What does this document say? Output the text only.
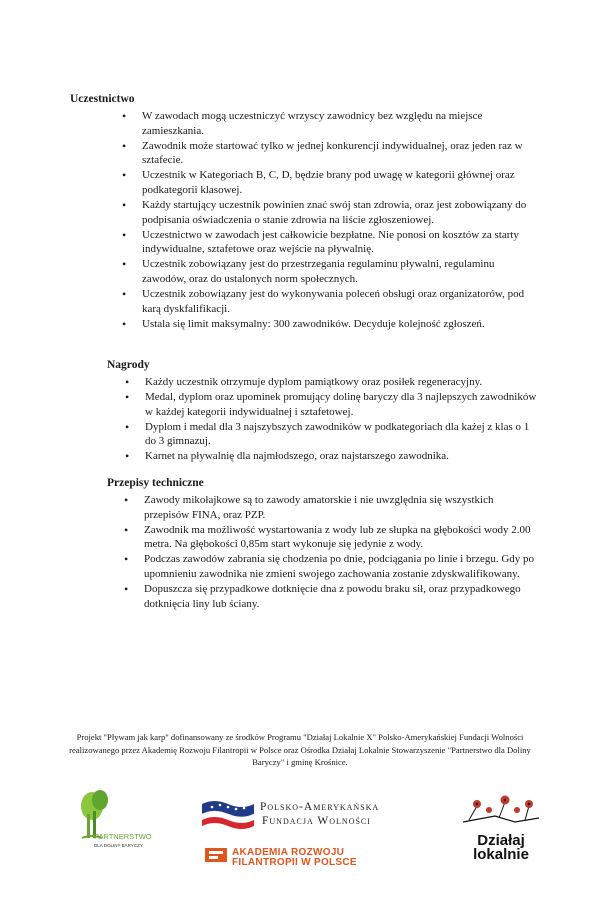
Uczestnictwo
• W zawodach mogą uczestniczyć wrzyscy zawodnicy bez względu na miejsce zamieszkania.
• Zawodnik może startować tylko w jednej konkurencji indywidualnej, oraz jeden raz w sztafecie.
• Uczestnik w Kategoriach B, C, D, będzie brany pod uwagę w kategorii głównej oraz podkategorii klasowej.
• Każdy startujący uczestnik powinien znać swój stan zdrowia, oraz jest zobowiązany do podpisania oświadczenia o stanie zdrowia na liście zgłoszeniowej.
• Uczestnictwo w zawodach jest całkowicie bezpłatne. Nie ponosi on kosztów za starty indywidualne, sztafetowe oraz wejście na pływalnię.
• Uczestnik zobowiązany jest do przestrzegania regulaminu pływalni, regulaminu zawodów, oraz do ustalonych norm społecznych.
• Uczestnik zobowiązany jest do wykonywania poleceń obsługi oraz organizatorów, pod karą dyskfalifikacji.
• Ustala się limit maksymalny: 300 zawodników. Decyduje kolejność zgłoszeń.
Nagrody
• Każdy uczestnik otrzymuje dyplom pamiątkowy oraz posiłek regeneracyjny.
• Medal, dyplom oraz upominek promujący dolinę baryczy dla 3 najlepszych zawodników w każdej kategorii indywidualnej i sztafetowej.
• Dyplom i medal dla 3 najszybszych zawodników w podkategoriach dla każej z klas o 1 do 3 gimnazuj.
• Karnet na pływalnię dla najmłodszego, oraz najstarszego zawodnika.
Przepisy techniczne
• Zawody mikołajkowe są to zawody amatorskie i nie uwzględnia się wszystkich przepisów FINA, oraz PZP.
• Zawodnik ma możliwość wystartowania z wody lub ze słupka na głębokości wody 2.00 metra. Na głębokości 0,85m start wykonuje się jedynie z wody.
• Podczas zawodów zabrania się chodzenia po dnie, podciągania po linie i brzegu. Gdy po upomnieniu zawodnika nie zmieni swojego zachowania zostanie zdyskwalifikowany.
• Dopuszcza się przypadkowe dotknięcie dna z powodu braku sił, oraz przypadkowego dotknięcia liny lub ściany.
Projekt "Pływam jak karp" dofinansowany ze środków Programu "Działaj Lokalnie X" Polsko-Amerykańskiej Fundacji Wolności realizowanego przez Akademię Rozwoju Filantropii w Polsce oraz Ośrodka Działaj Lokalnie Stowarzyszenie "Partnerstwo dla Doliny Baryczy" i gminę Krośnice.
PARTNERSTWO
DLA DOLINY BARYCZY
Polsko-Amerykańska
Fundacja Wolności
AKADEMIA ROZWOJU
FILANTROPII W POLSCE
Działaj
lokalnie
